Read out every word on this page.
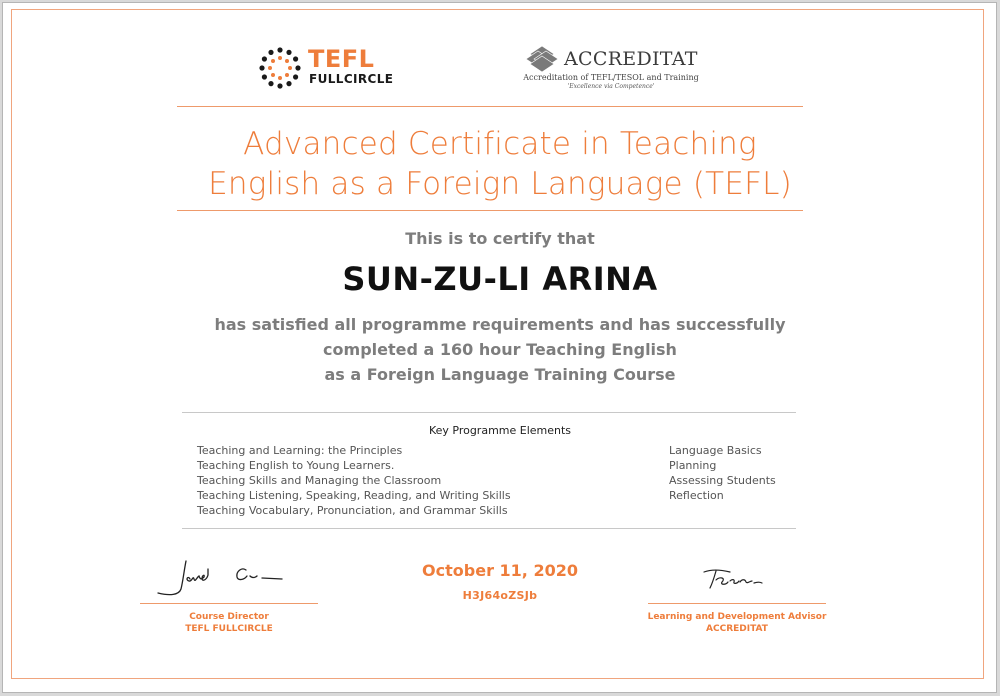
TEFL
FULLCIRCLE
ACCREDITAT
Accreditation of TEFL/TESOL and Training
'Excellence via Competence'
Advanced Certificate in Teaching
English as a Foreign Language (TEFL)
This is to certify that
SUN-ZU-LI ARINA
has satisfied all programme requirements and has successfully
completed a 160 hour Teaching English
as a Foreign Language Training Course
Key Programme Elements
Teaching and Learning: the Principles
Teaching English to Young Learners.
Teaching Skills and Managing the Classroom
Teaching Listening, Speaking, Reading, and Writing Skills
Teaching Vocabulary, Pronunciation, and Grammar Skills
Language Basics
Planning
Assessing Students
Reflection
Course Director
TEFL FULLCIRCLE
October 11, 2020
H3J64oZSJb
Learning and Development Advisor
ACCREDITAT
